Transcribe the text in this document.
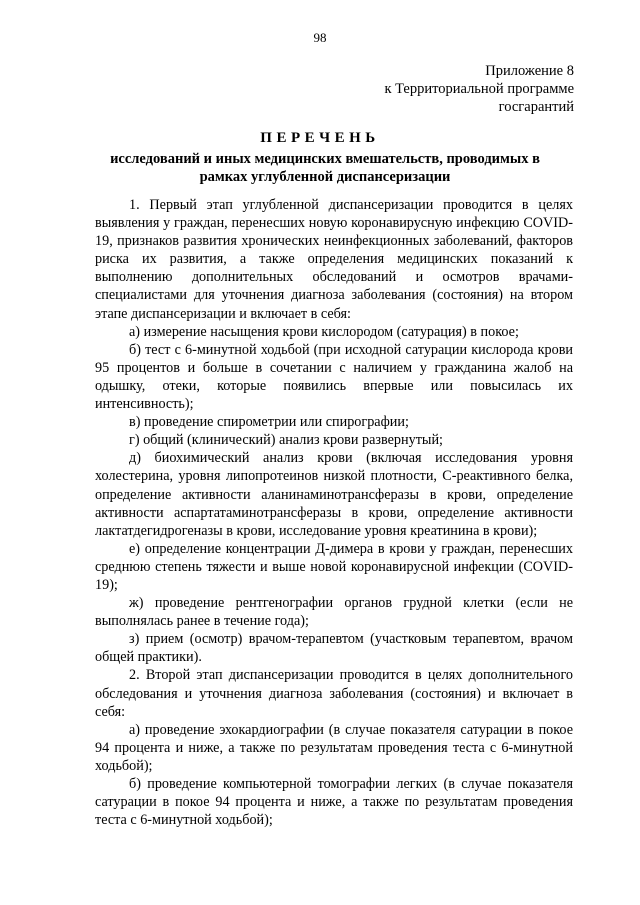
98
Приложение 8
к Территориальной программе
госгарантий
ПЕРЕЧЕНЬ
исследований и иных медицинских вмешательств, проводимых в рамках углубленной диспансеризации

1. Первый этап углубленной диспансеризации проводится в целях выявления у граждан, перенесших новую коронавирусную инфекцию COVID-19, признаков развития хронических неинфекционных заболеваний, факторов риска их развития, а также определения медицинских показаний к выполнению дополнительных обследований и осмотров врачами-специалистами для уточнения диагноза заболевания (состояния) на втором этапе диспансеризации и включает в себя:

а) измерение насыщения крови кислородом (сатурация) в покое;

б) тест с 6-минутной ходьбой (при исходной сатурации кислорода крови 95 процентов и больше в сочетании с наличием у гражданина жалоб на одышку, отеки, которые появились впервые или повысилась их интенсивность);

в) проведение спирометрии или спирографии;

г) общий (клинический) анализ крови развернутый;

д) биохимический анализ крови (включая исследования уровня холестерина, уровня липопротеинов низкой плотности, С-реактивного белка, определение активности аланинаминотрансферазы в крови, определение активности аспартатаминотрансферазы в крови, определение активности лактатдегидрогеназы в крови, исследование уровня креатинина в крови);

е) определение концентрации Д-димера в крови у граждан, перенесших среднюю степень тяжести и выше новой коронавирусной инфекции (COVID-19);

ж) проведение рентгенографии органов грудной клетки (если не выполнялась ранее в течение года);

з) прием (осмотр) врачом-терапевтом (участковым терапевтом, врачом общей практики).

2. Второй этап диспансеризации проводится в целях дополнительного обследования и уточнения диагноза заболевания (состояния) и включает в себя:

а) проведение эхокардиографии (в случае показателя сатурации в покое 94 процента и ниже, а также по результатам проведения теста с 6-минутной ходьбой);

б) проведение компьютерной томографии легких (в случае показателя сатурации в покое 94 процента и ниже, а также по результатам проведения теста с 6-минутной ходьбой);
